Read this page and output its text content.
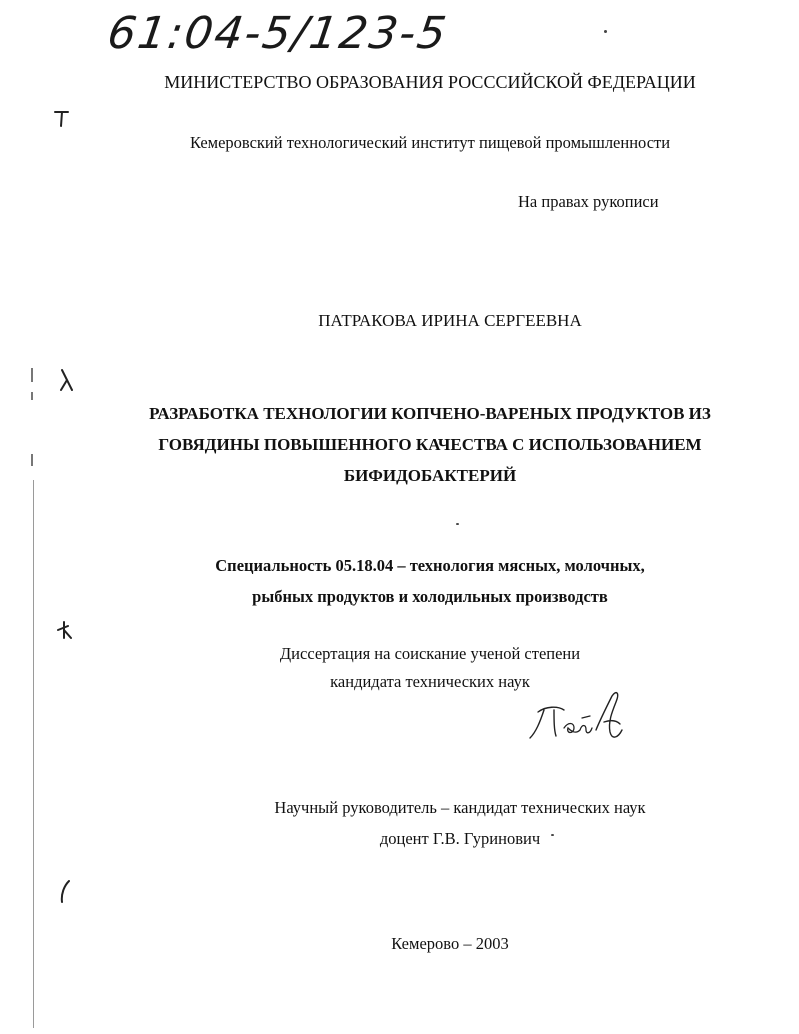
61:04-5/123-5
МИНИСТЕРСТВО ОБРАЗОВАНИЯ РОСССИЙСКОЙ ФЕДЕРАЦИИ
Кемеровский технологический институт пищевой промышленности
На правах рукописи
ПАТРАКОВА ИРИНА СЕРГЕЕВНА
РАЗРАБОТКА ТЕХНОЛОГИИ КОПЧЕНО-ВАРЕНЫХ ПРОДУКТОВ ИЗ
ГОВЯДИНЫ ПОВЫШЕННОГО КАЧЕСТВА С ИСПОЛЬЗОВАНИЕМ
БИФИДОБАКТЕРИЙ
Специальность 05.18.04 – технология мясных, молочных,
рыбных продуктов и холодильных производств
Диссертация на соискание ученой степени
кандидата технических наук
Научный руководитель – кандидат технических наук
доцент Г.В. Гуринович
Кемерово – 2003
